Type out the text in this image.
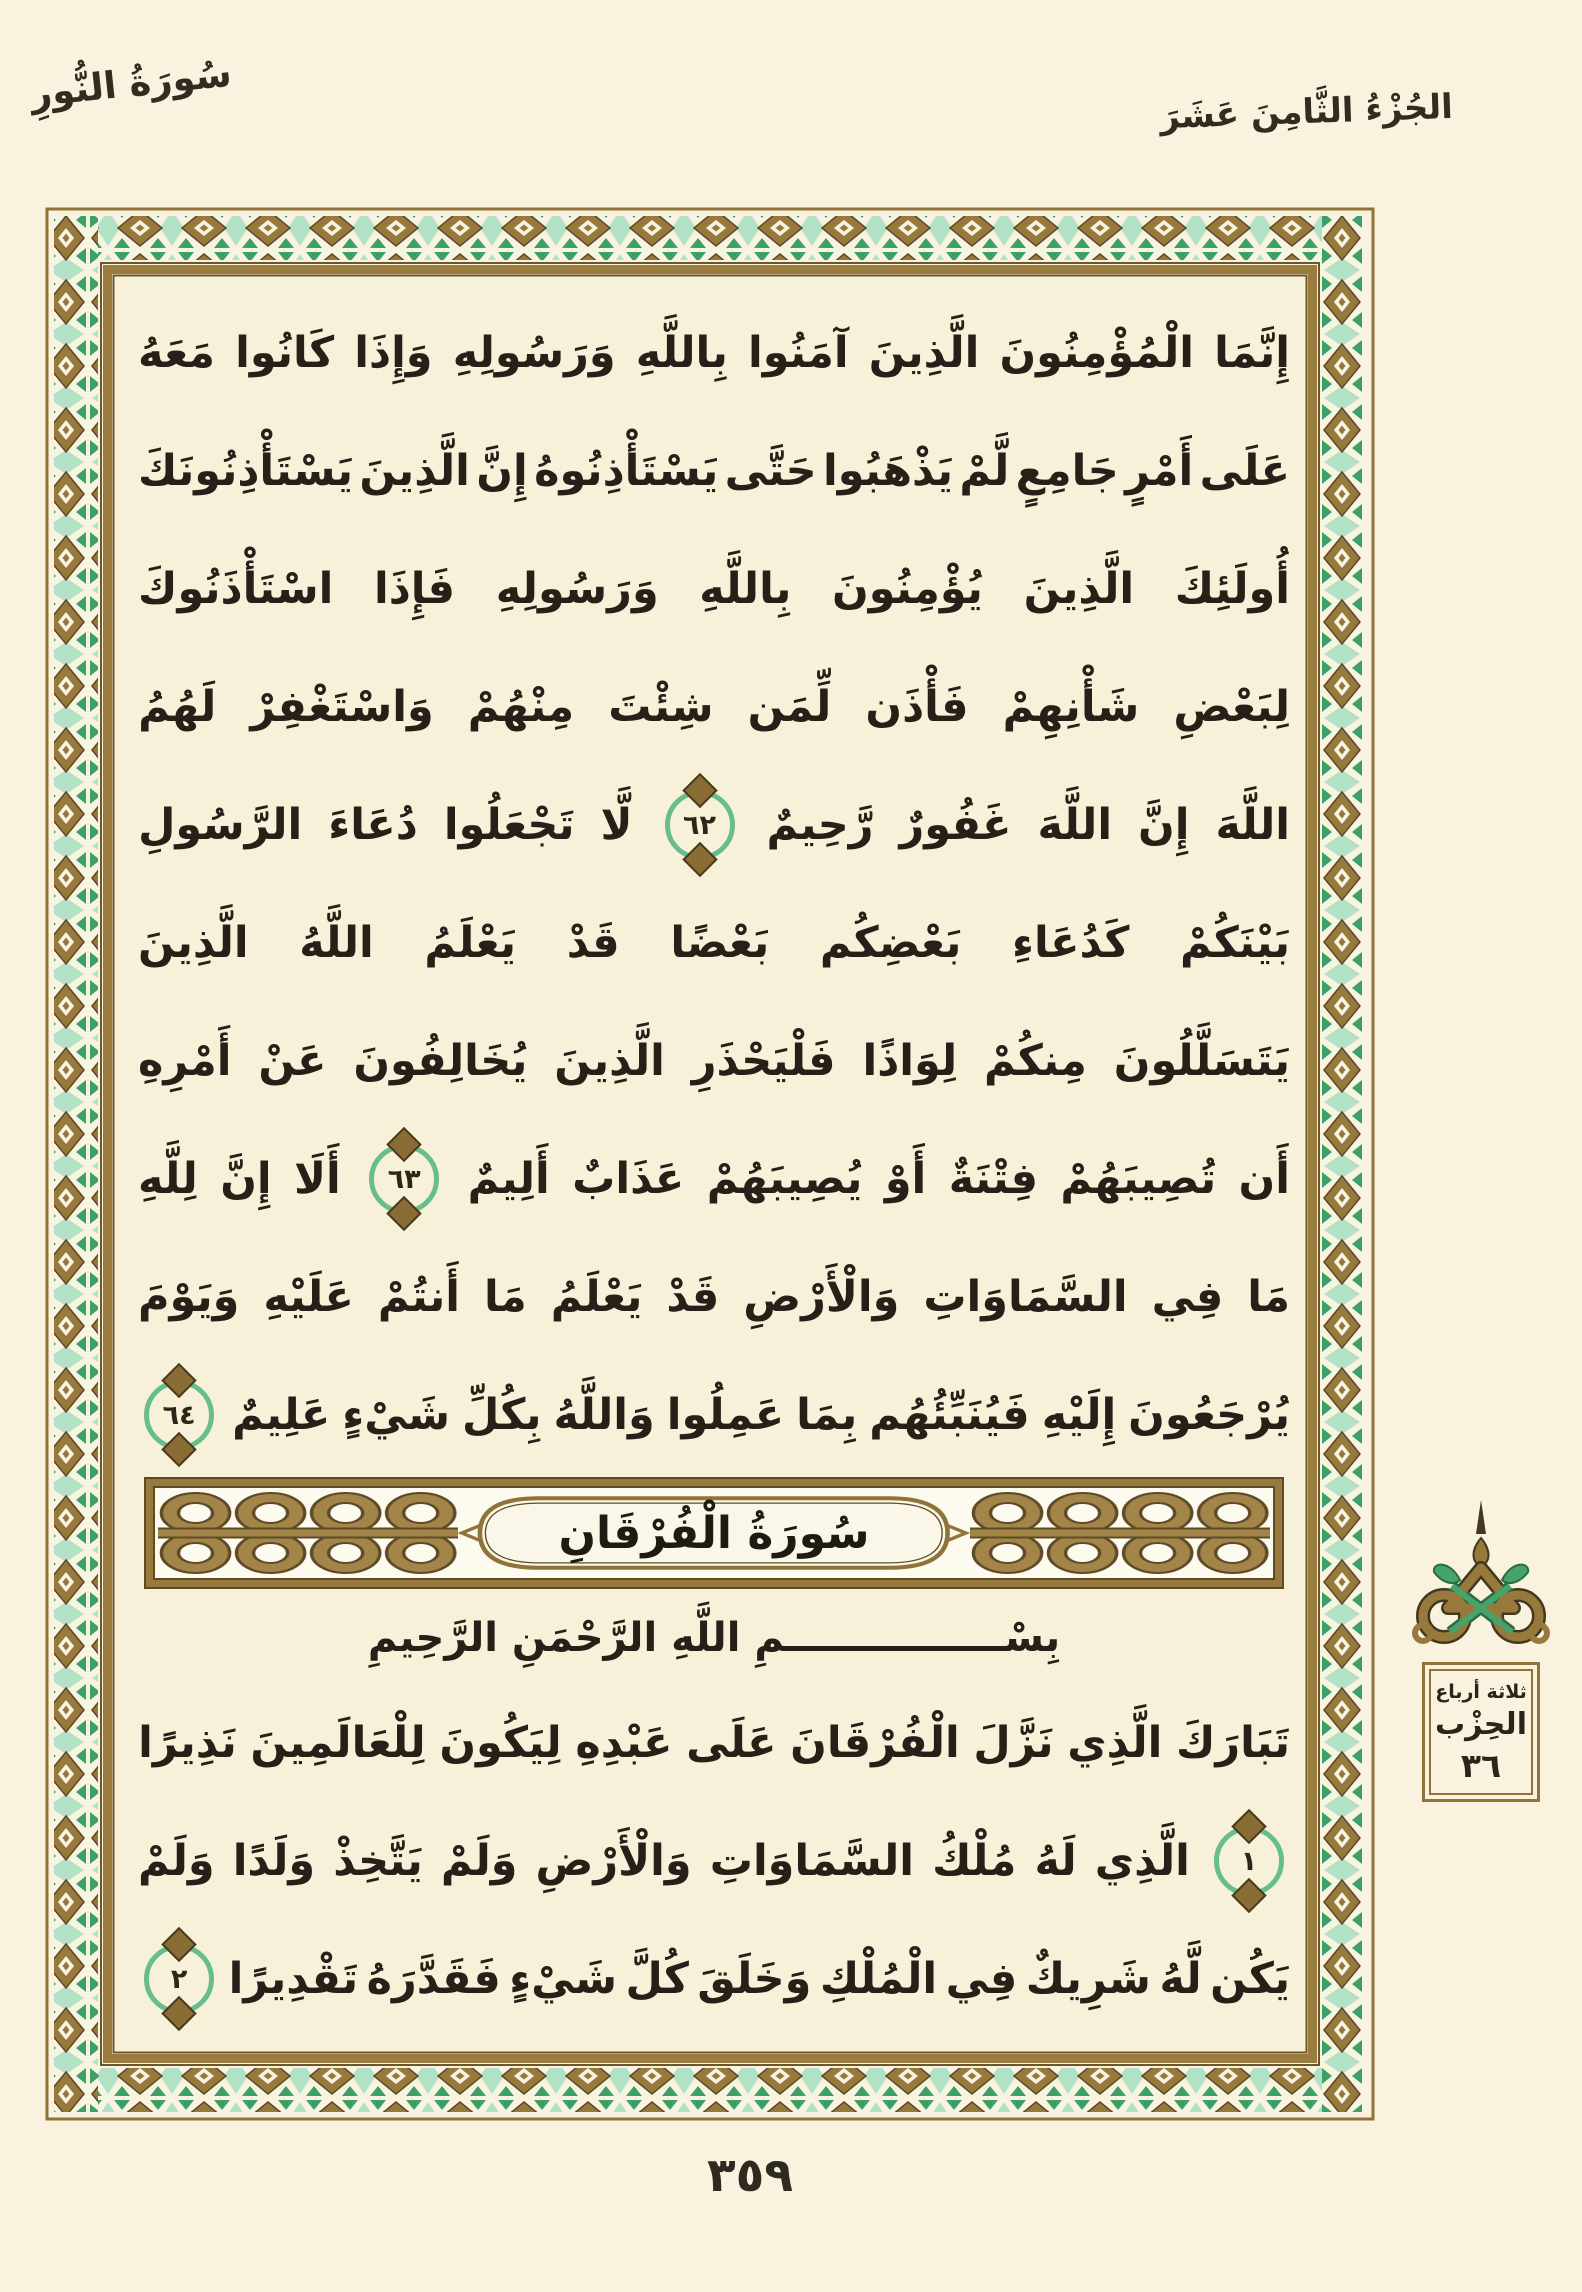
سُورَةُ النُّورِ	الجُزْءُ الثَّامِنَ عَشَرَ
إِنَّمَا
الْمُؤْمِنُونَ
الَّذِينَ
آمَنُوا
بِاللَّهِ
وَرَسُولِهِ
وَإِذَا
كَانُوا
مَعَهُ
عَلَى
أَمْرٍ
جَامِعٍ
لَّمْ
يَذْهَبُوا
حَتَّى
يَسْتَأْذِنُوهُ
إِنَّ
الَّذِينَ
يَسْتَأْذِنُونَكَ
أُولَئِكَ
الَّذِينَ
يُؤْمِنُونَ
بِاللَّهِ
وَرَسُولِهِ
فَإِذَا
اسْتَأْذَنُوكَ
لِبَعْضِ
شَأْنِهِمْ
فَأْذَن
لِّمَن
شِئْتَ
مِنْهُمْ
وَاسْتَغْفِرْ
لَهُمُ
اللَّهَ
إِنَّ
اللَّهَ
غَفُورٌ
رَّحِيمٌ
٦٢
لَّا
تَجْعَلُوا
دُعَاءَ
الرَّسُولِ
بَيْنَكُمْ
كَدُعَاءِ
بَعْضِكُم
بَعْضًا
قَدْ
يَعْلَمُ
اللَّهُ
الَّذِينَ
يَتَسَلَّلُونَ
مِنكُمْ
لِوَاذًا
فَلْيَحْذَرِ
الَّذِينَ
يُخَالِفُونَ
عَنْ
أَمْرِهِ
أَن
تُصِيبَهُمْ
فِتْنَةٌ
أَوْ
يُصِيبَهُمْ
عَذَابٌ
أَلِيمٌ
٦٣
أَلَا
إِنَّ
لِلَّهِ
مَا
فِي
السَّمَاوَاتِ
وَالْأَرْضِ
قَدْ
يَعْلَمُ
مَا
أَنتُمْ
عَلَيْهِ
وَيَوْمَ
يُرْجَعُونَ
إِلَيْهِ
فَيُنَبِّئُهُم
بِمَا
عَمِلُوا
وَاللَّهُ
بِكُلِّ
شَيْءٍ
عَلِيمٌ
٦٤
سُورَةُ الْفُرْقَانِ
بِسْــــــــــــــــمِ اللَّهِ الرَّحْمَنِ الرَّحِيمِ
تَبَارَكَ
الَّذِي
نَزَّلَ
الْفُرْقَانَ
عَلَى
عَبْدِهِ
لِيَكُونَ
لِلْعَالَمِينَ
نَذِيرًا
١
الَّذِي
لَهُ
مُلْكُ
السَّمَاوَاتِ
وَالْأَرْضِ
وَلَمْ
يَتَّخِذْ
وَلَدًا
وَلَمْ
يَكُن
لَّهُ
شَرِيكٌ
فِي
الْمُلْكِ
وَخَلَقَ
كُلَّ
شَيْءٍ
فَقَدَّرَهُ
تَقْدِيرًا
٢
ثلاثة أرباع
الحِزْب
٣٦
٣٥٩
